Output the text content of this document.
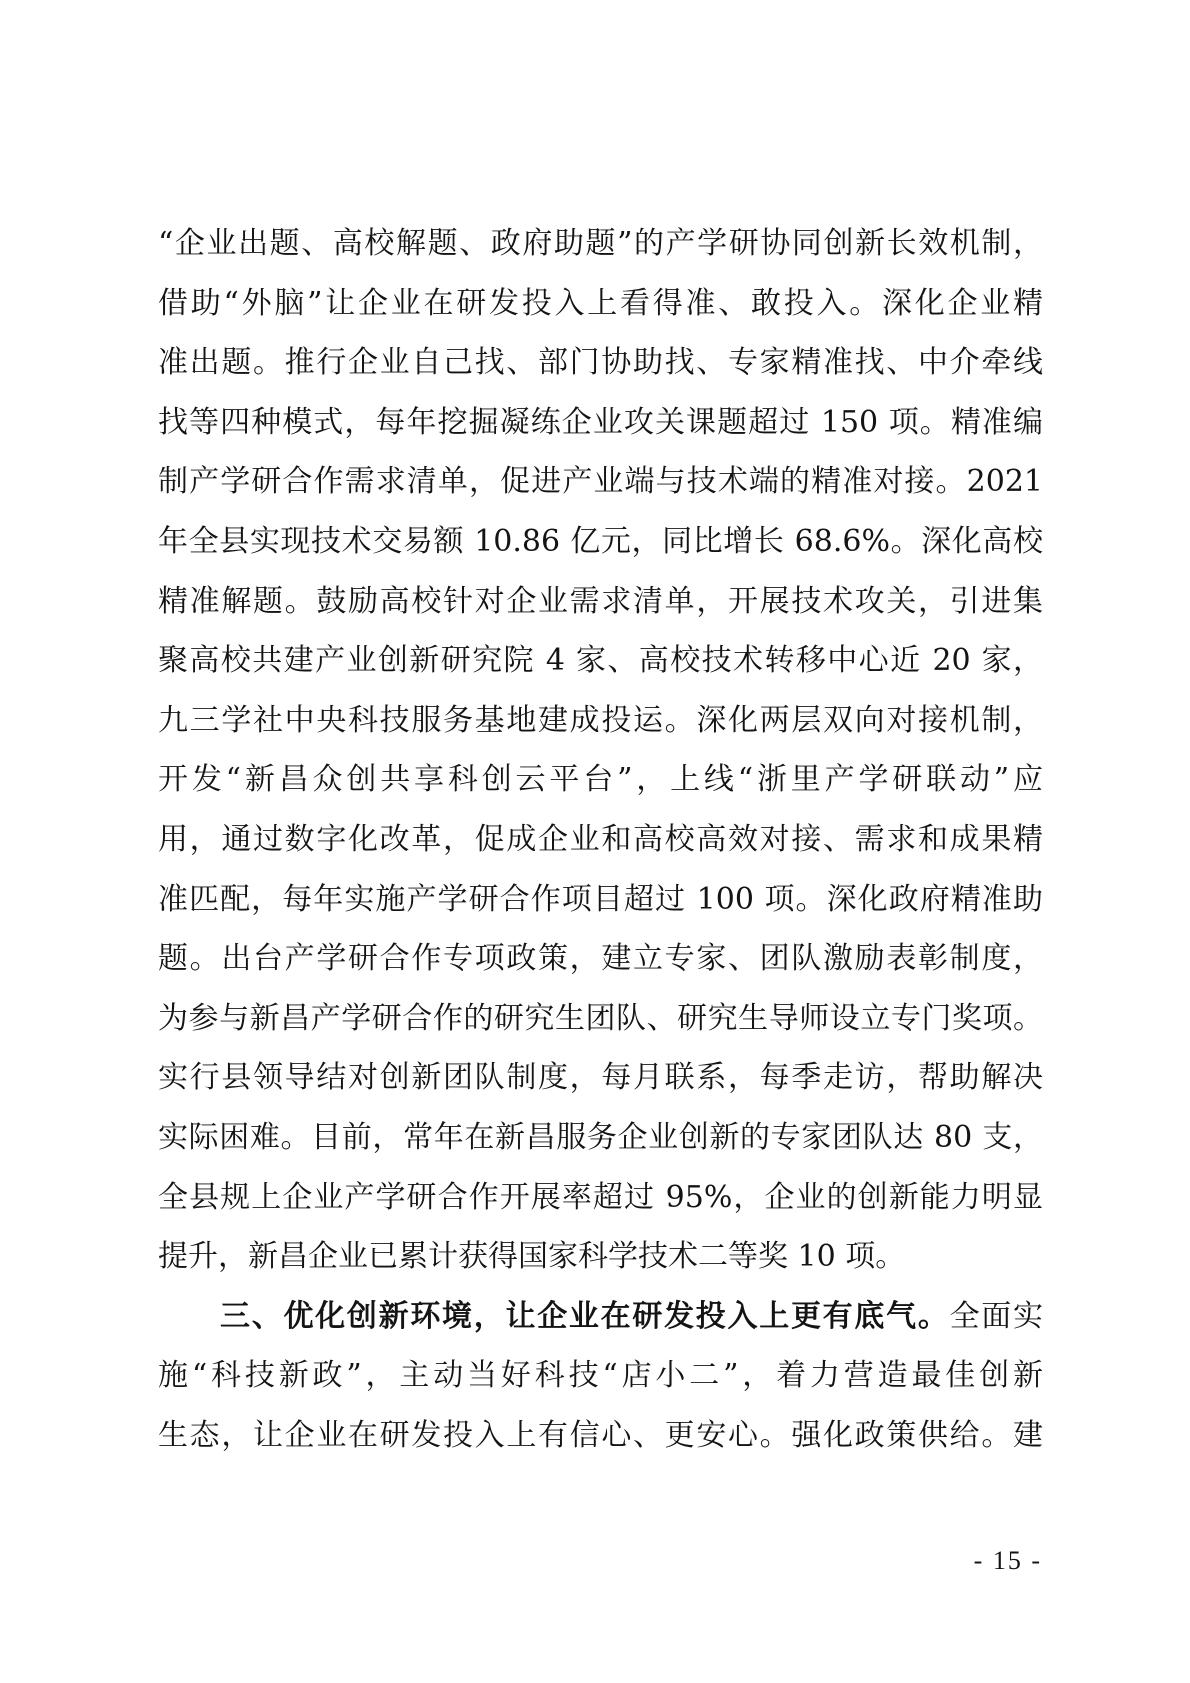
“企业出题、高校解题、政府助题”的产学研协同创新长效机制，
借助“外脑”让企业在研发投入上看得准、敢投入。深化企业精
准出题。推行企业自己找、部门协助找、专家精准找、中介牵线
找等四种模式，每年挖掘凝练企业攻关课题超过 150 项。精准编
制产学研合作需求清单，促进产业端与技术端的精准对接。2021
年全县实现技术交易额 10.86 亿元，同比增长 68.6%。深化高校
精准解题。鼓励高校针对企业需求清单，开展技术攻关，引进集
聚高校共建产业创新研究院 4 家、高校技术转移中心近 20 家，
九三学社中央科技服务基地建成投运。深化两层双向对接机制，
开发“新昌众创共享科创云平台”，上线“浙里产学研联动”应
用，通过数字化改革，促成企业和高校高效对接、需求和成果精
准匹配，每年实施产学研合作项目超过 100 项。深化政府精准助
题。出台产学研合作专项政策，建立专家、团队激励表彰制度，
为参与新昌产学研合作的研究生团队、研究生导师设立专门奖项。
实行县领导结对创新团队制度，每月联系，每季走访，帮助解决
实际困难。目前，常年在新昌服务企业创新的专家团队达 80 支，
全县规上企业产学研合作开展率超过 95%，企业的创新能力明显
提升，新昌企业已累计获得国家科学技术二等奖 10 项。
三、优化创新环境，让企业在研发投入上更有底气。全面实
施“科技新政”，主动当好科技“店小二”，着力营造最佳创新
生态，让企业在研发投入上有信心、更安心。强化政策供给。建
- 15 -
